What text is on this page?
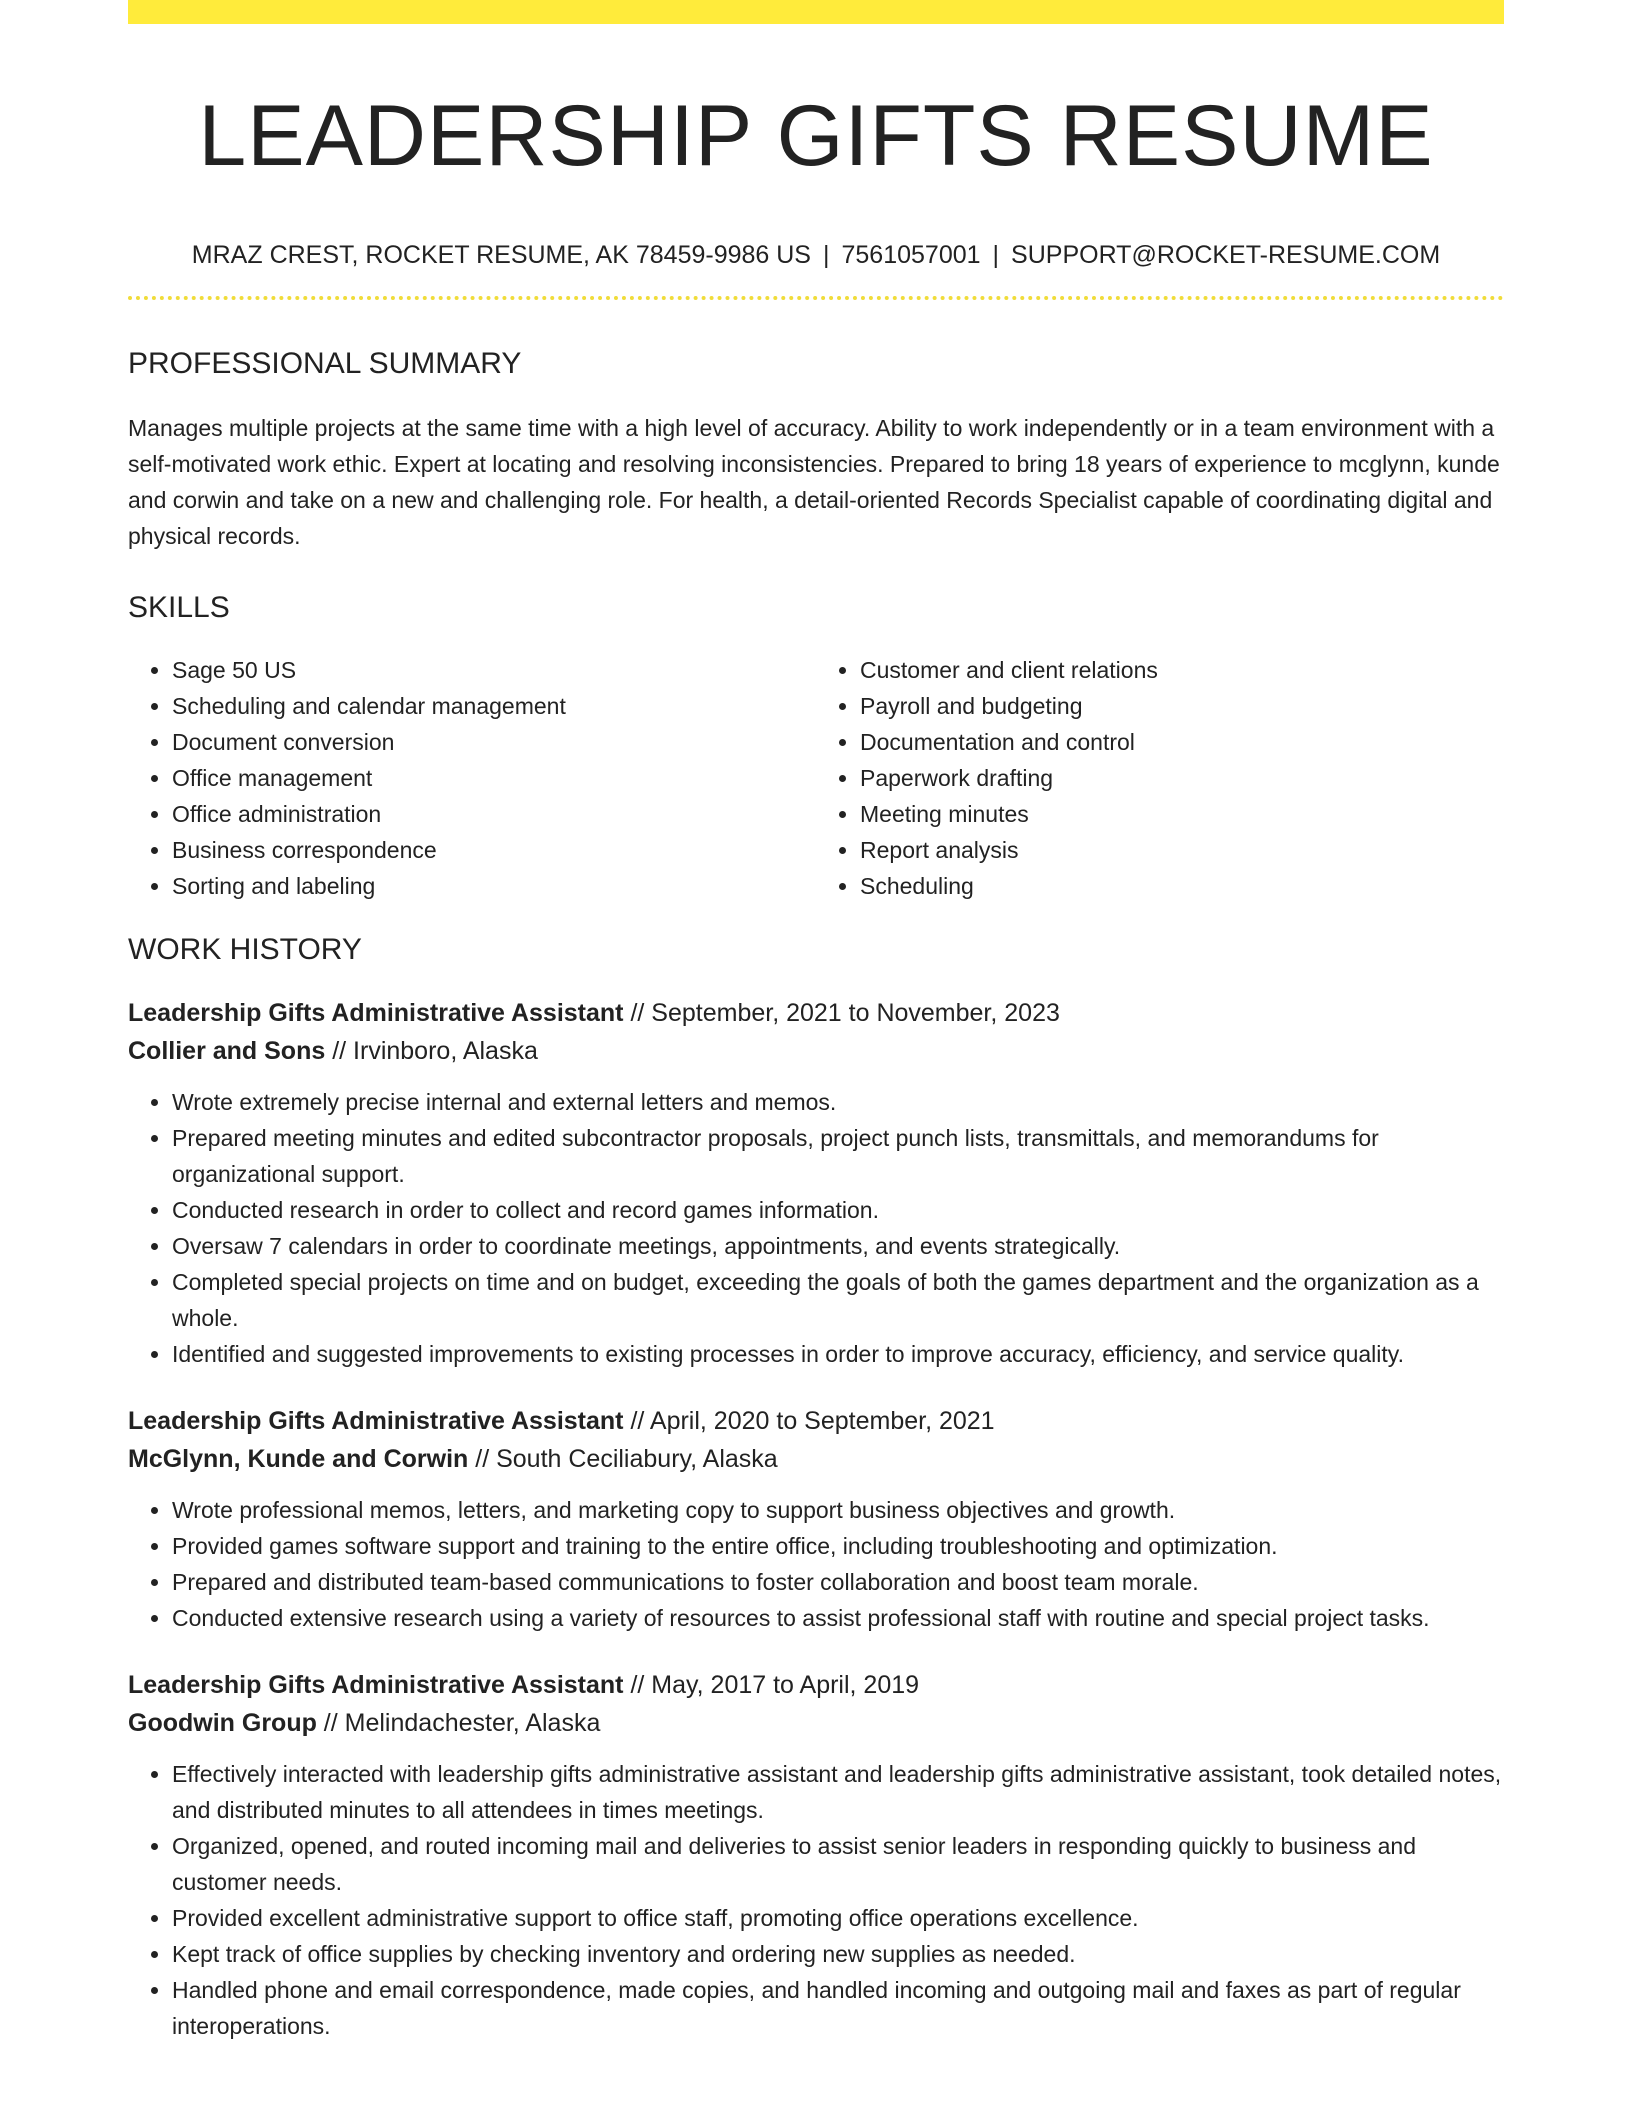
LEADERSHIP GIFTS RESUME
MRAZ CREST, ROCKET RESUME, AK 78459-9986 US | 7561057001 | SUPPORT@ROCKET-RESUME.COM
PROFESSIONAL SUMMARY

Manages multiple projects at the same time with a high level of accuracy. Ability to work independently or in a team environment with a self-motivated work ethic. Expert at locating and resolving inconsistencies. Prepared to bring 18 years of experience to mcglynn, kunde and corwin and take on a new and challenging role. For health, a detail-oriented Records Specialist capable of coordinating digital and physical records.

SKILLS
• Sage 50 US
• Scheduling and calendar management
• Document conversion
• Office management
• Office administration
• Business correspondence
• Sorting and labeling
• Customer and client relations
• Payroll and budgeting
• Documentation and control
• Paperwork drafting
• Meeting minutes
• Report analysis
• Scheduling
WORK HISTORY
Leadership Gifts Administrative Assistant // September, 2021 to November, 2023
Collier and Sons // Irvinboro, Alaska
• Wrote extremely precise internal and external letters and memos.
• Prepared meeting minutes and edited subcontractor proposals, project punch lists, transmittals, and memorandums for organizational support.
• Conducted research in order to collect and record games information.
• Oversaw 7 calendars in order to coordinate meetings, appointments, and events strategically.
• Completed special projects on time and on budget, exceeding the goals of both the games department and the organization as a whole.
• Identified and suggested improvements to existing processes in order to improve accuracy, efficiency, and service quality.
Leadership Gifts Administrative Assistant // April, 2020 to September, 2021
McGlynn, Kunde and Corwin // South Ceciliabury, Alaska
• Wrote professional memos, letters, and marketing copy to support business objectives and growth.
• Provided games software support and training to the entire office, including troubleshooting and optimization.
• Prepared and distributed team-based communications to foster collaboration and boost team morale.
• Conducted extensive research using a variety of resources to assist professional staff with routine and special project tasks.
Leadership Gifts Administrative Assistant // May, 2017 to April, 2019
Goodwin Group // Melindachester, Alaska
• Effectively interacted with leadership gifts administrative assistant and leadership gifts administrative assistant, took detailed notes, and distributed minutes to all attendees in times meetings.
• Organized, opened, and routed incoming mail and deliveries to assist senior leaders in responding quickly to business and customer needs.
• Provided excellent administrative support to office staff, promoting office operations excellence.
• Kept track of office supplies by checking inventory and ordering new supplies as needed.
• Handled phone and email correspondence, made copies, and handled incoming and outgoing mail and faxes as part of regular interoperations.
